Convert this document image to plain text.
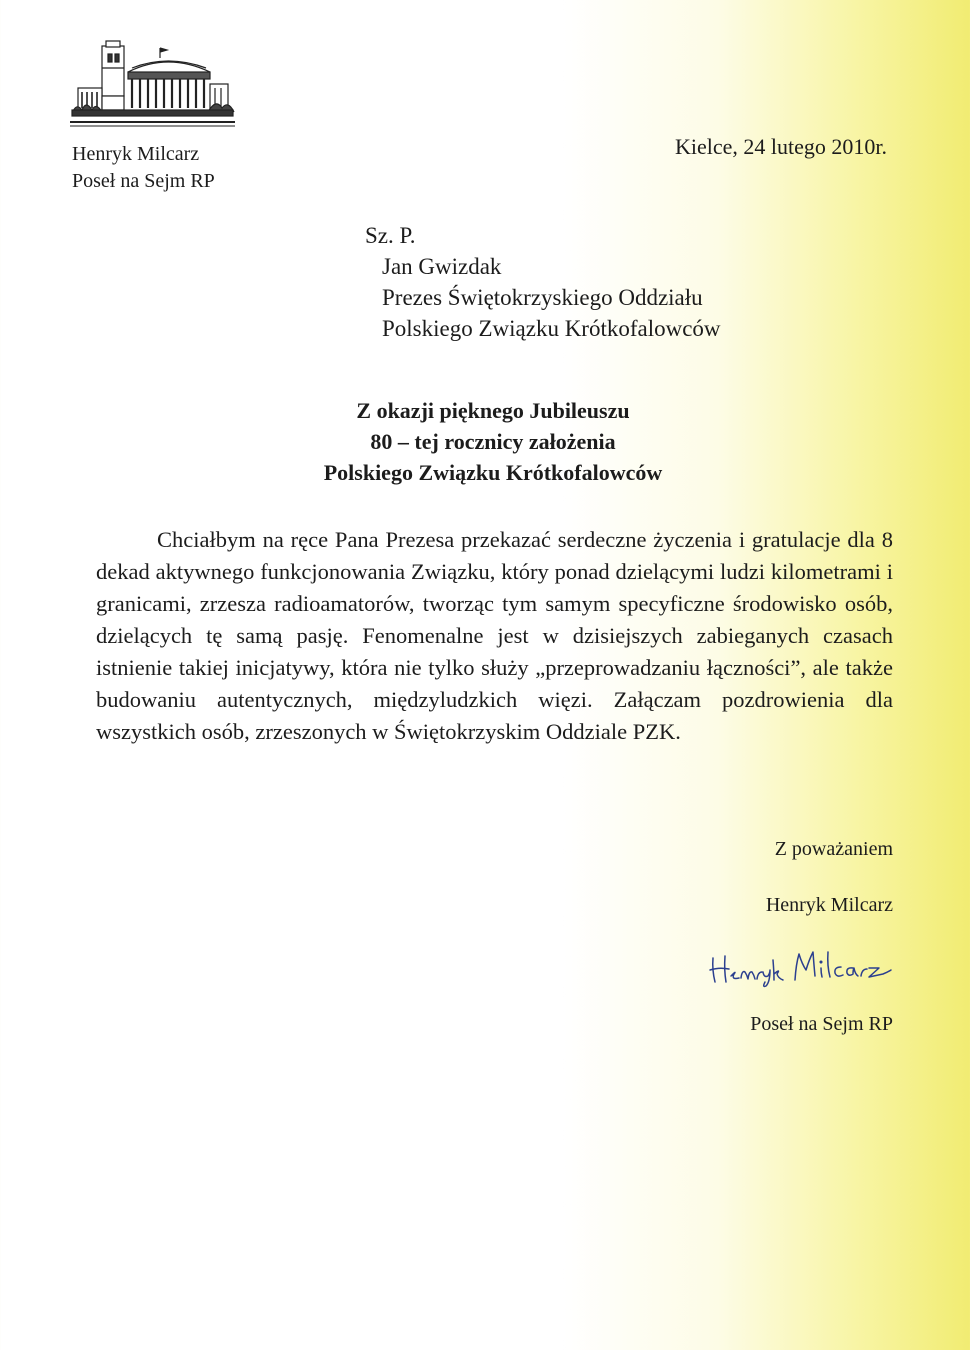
Henryk Milcarz
Poseł na Sejm RP
Kielce, 24 lutego 2010r.
Sz. P.
Jan Gwizdak
Prezes Świętokrzyskiego Oddziału
Polskiego Związku Krótkofalowców
Z okazji pięknego Jubileuszu
80 – tej rocznicy założenia
Polskiego Związku Krótkofalowców
Chciałbym na ręce Pana Prezesa przekazać serdeczne życzenia i gratulacje dla 8 dekad aktywnego funkcjonowania Związku, który ponad dzielącymi ludzi kilometrami i granicami, zrzesza radioamatorów, tworząc tym samym specyficzne środowisko osób, dzielących tę samą pasję. Fenomenalne jest w dzisiejszych zabieganych czasach istnienie takiej inicjatywy, która nie tylko służy „przeprowadzaniu łączności”, ale także budowaniu autentycznych, międzyludzkich więzi. Załączam pozdrowienia dla wszystkich osób, zrzeszonych w Świętokrzyskim Oddziale PZK.
Z poważaniem
Henryk Milcarz
Poseł na Sejm RP
